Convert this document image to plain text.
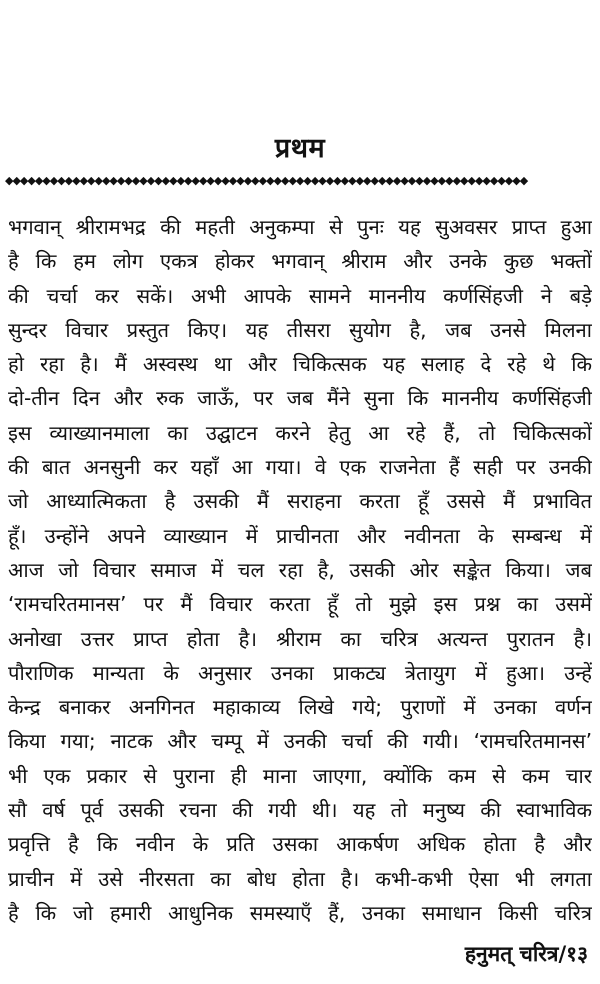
प्रथम
◆◆◆◆◆◆◆◆◆◆◆◆◆◆◆◆◆◆◆◆◆◆◆◆◆◆◆◆◆◆◆◆◆◆◆◆◆◆◆◆◆◆◆◆◆◆◆◆◆◆◆◆◆◆◆◆◆◆◆◆◆◆◆◆◆◆◆◆◆◆
भगवान् श्रीरामभद्र की महती अनुकम्पा से पुनः यह सुअवसर प्राप्त हुआ
है कि हम लोग एकत्र होकर भगवान् श्रीराम और उनके कुछ भक्तों
की चर्चा कर सकें। अभी आपके सामने माननीय कर्णसिंहजी ने बड़े
सुन्दर विचार प्रस्तुत किए। यह तीसरा सुयोग है, जब उनसे मिलना
हो रहा है। मैं अस्वस्थ था और चिकित्सक यह सलाह दे रहे थे कि
दो-तीन दिन और रुक जाऊँ, पर जब मैंने सुना कि माननीय कर्णसिंहजी
इस व्याख्यानमाला का उद्घाटन करने हेतु आ रहे हैं, तो चिकित्सकों
की बात अनसुनी कर यहाँ आ गया। वे एक राजनेता हैं सही पर उनकी
जो आध्यात्मिकता है उसकी मैं सराहना करता हूँ उससे मैं प्रभावित
हूँ। उन्होंने अपने व्याख्यान में प्राचीनता और नवीनता के सम्बन्ध में
आज जो विचार समाज में चल रहा है, उसकी ओर सङ्केत किया। जब
‘रामचरितमानस’ पर मैं विचार करता हूँ तो मुझे इस प्रश्न का उसमें
अनोखा उत्तर प्राप्त होता है। श्रीराम का चरित्र अत्यन्त पुरातन है।
पौराणिक मान्यता के अनुसार उनका प्राकट्य त्रेतायुग में हुआ। उन्हें
केन्द्र बनाकर अनगिनत महाकाव्य लिखे गये; पुराणों में उनका वर्णन
किया गया; नाटक और चम्पू में उनकी चर्चा की गयी। ‘रामचरितमानस’
भी एक प्रकार से पुराना ही माना जाएगा, क्योंकि कम से कम चार
सौ वर्ष पूर्व उसकी रचना की गयी थी। यह तो मनुष्य की स्वाभाविक
प्रवृत्ति है कि नवीन के प्रति उसका आकर्षण अधिक होता है और
प्राचीन में उसे नीरसता का बोध होता है। कभी-कभी ऐसा भी लगता
है कि जो हमारी आधुनिक समस्याएँ हैं, उनका समाधान किसी चरित्र
हनुमत् चरित्र/१३
